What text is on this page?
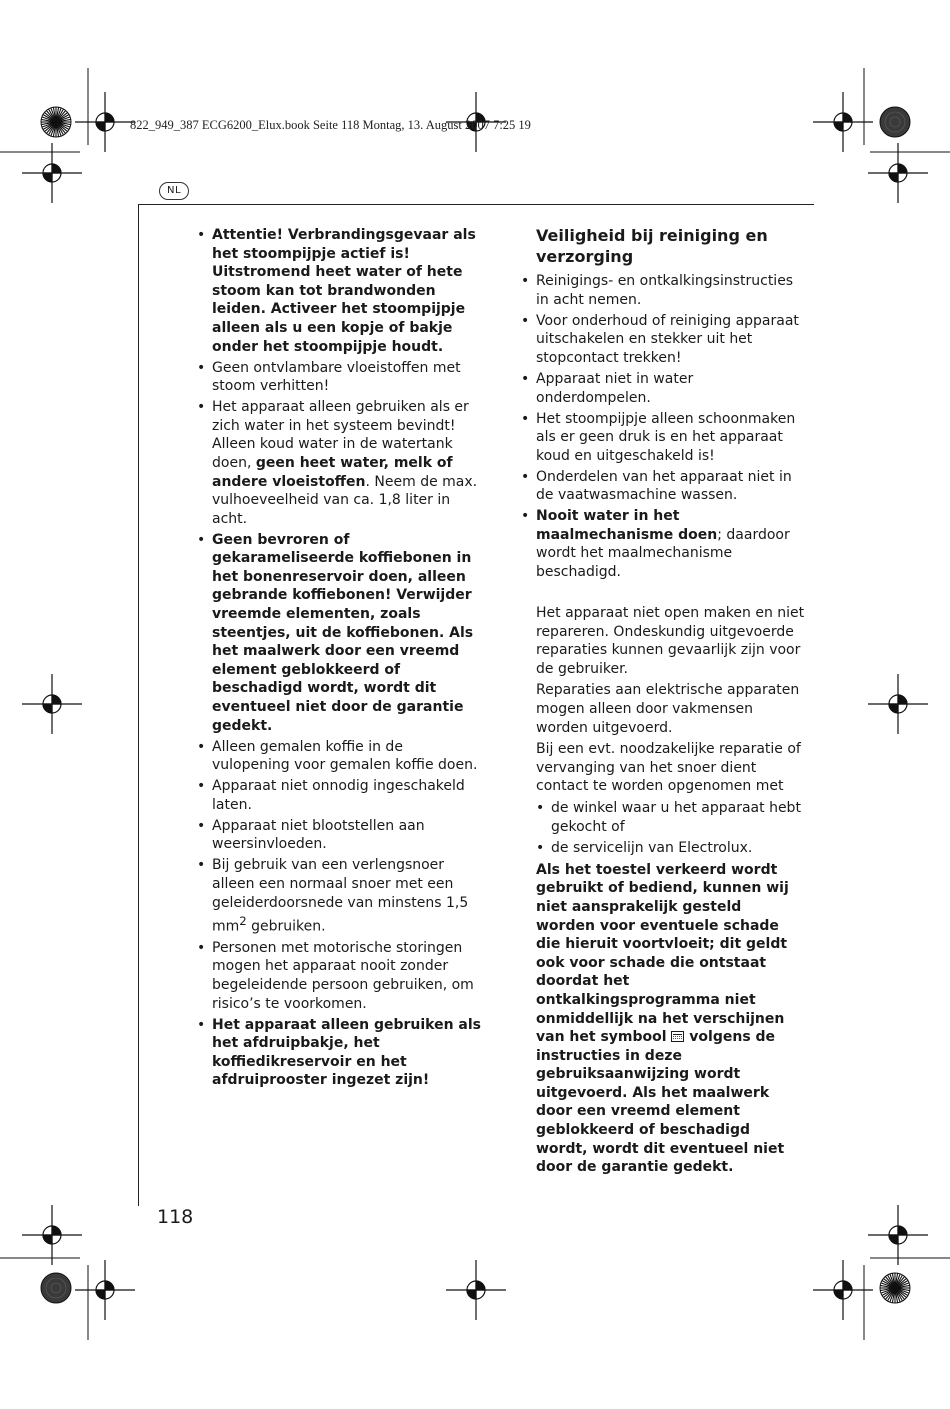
822_949_387 ECG6200_Elux.book Seite 118 Montag, 13. August 2007 7:25 19
NL
• Attentie! Verbrandingsgevaar als het stoompijpje actief is! Uitstromend heet water of hete stoom kan tot brandwonden leiden. Activeer het stoompijpje alleen als u een kopje of bakje onder het stoompijpje houdt.
• Geen ontvlambare vloeistoffen met stoom verhitten!
• Het apparaat alleen gebruiken als er zich water in het systeem bevindt! Alleen koud water in de watertank doen, geen heet water, melk of andere vloeistoffen. Neem de max. vulhoeveelheid van ca. 1,8 liter in acht.
• Geen bevroren of gekarameliseerde koffiebonen in het bonenreservoir doen, alleen gebrande koffiebonen! Verwijder vreemde elementen, zoals steentjes, uit de koffiebonen. Als het maalwerk door een vreemd element geblokkeerd of beschadigd wordt, wordt dit eventueel niet door de garantie gedekt.
• Alleen gemalen koffie in de vulopening voor gemalen koffie doen.
• Apparaat niet onnodig ingeschakeld laten.
• Apparaat niet blootstellen aan weersinvloeden.
• Bij gebruik van een verlengsnoer alleen een normaal snoer met een geleiderdoorsnede van minstens 1,5 $mm^2$ gebruiken.
• Personen met motorische storingen mogen het apparaat nooit zonder begeleidende persoon gebruiken, om risico’s te voorkomen.
• Het apparaat alleen gebruiken als het afdruipbakje, het koffiedikreservoir en het afdruiprooster ingezet zijn!
Veiligheid bij reiniging en verzorging
• Reinigings- en ontkalkingsinstructies in acht nemen.
• Voor onderhoud of reiniging apparaat uitschakelen en stekker uit het stopcontact trekken!
• Apparaat niet in water onderdompelen.
• Het stoompijpje alleen schoonmaken als er geen druk is en het apparaat koud en uitgeschakeld is!
• Onderdelen van het apparaat niet in de vaatwasmachine wassen.
• Nooit water in het maalmechanisme doen; daardoor wordt het maalmechanisme beschadigd.

Het apparaat niet open maken en niet repareren. Ondeskundig uitgevoerde reparaties kunnen gevaarlijk zijn voor de gebruiker.

Reparaties aan elektrische apparaten mogen alleen door vakmensen worden uitgevoerd.

Bij een evt. noodzakelijke reparatie of vervanging van het snoer dient contact te worden opgenomen met

• de winkel waar u het apparaat hebt gekocht of
• de servicelijn van Electrolux.

Als het toestel verkeerd wordt gebruikt of bediend, kunnen wij niet aansprakelijk gesteld worden voor eventuele schade die hieruit voortvloeit; dit geldt ook voor schade die ontstaat doordat het ontkalkingsprogramma niet onmiddellijk na het verschijnen van het symbool  volgens de instructies in deze gebruiksaanwijzing wordt uitgevoerd. Als het maalwerk door een vreemd element geblokkeerd of beschadigd wordt, wordt dit eventueel niet door de garantie gedekt.

118
